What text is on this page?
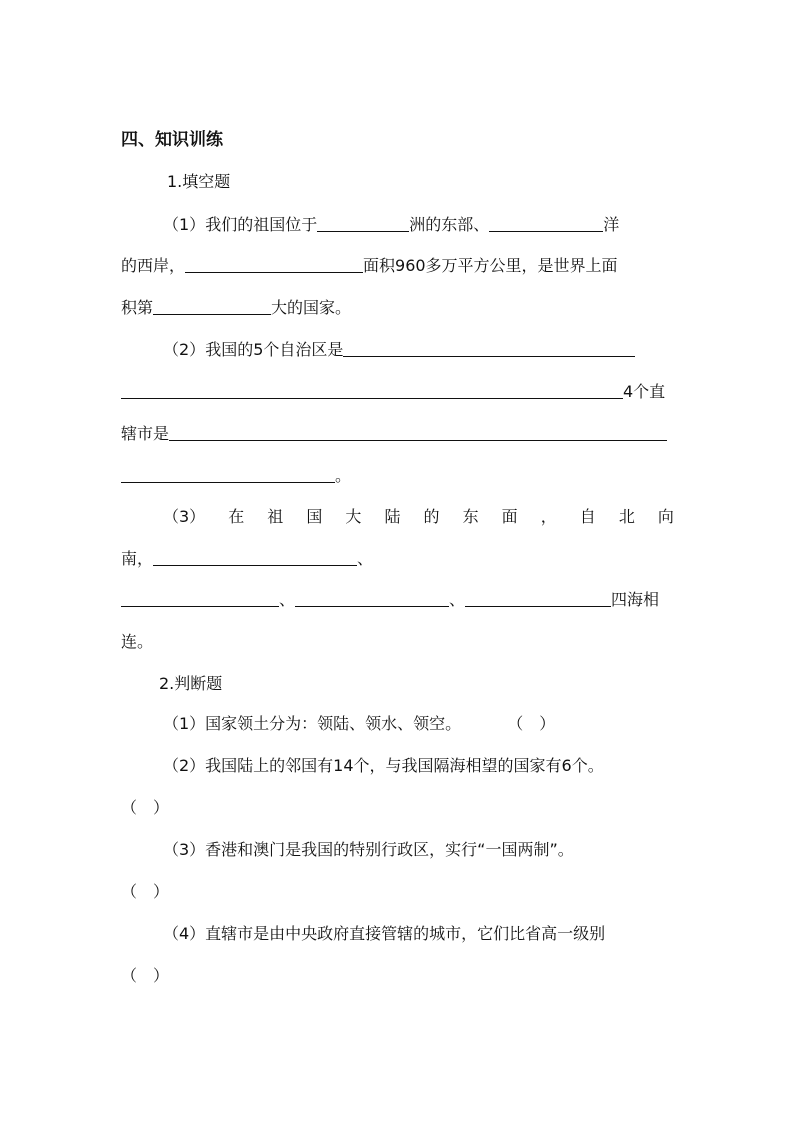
四、知识训练
1.填空题
（1）我们的祖国位于	洲的东部、	洋
的西岸，	面积960多万平方公里，是世界上面
积第	大的国家。
（2）我国的5个自治区是
4个直
辖市是
。
（3） 在 祖 国 大 陆 的 东 面 ， 自 北 向
南，	、
、	、	四海相
连。
2.判断题
（1）国家领土分为：领陆、领水、领空。	（　）
（2）我国陆上的邻国有14个，与我国隔海相望的国家有6个。
（　）
（3）香港和澳门是我国的特别行政区，实行“一国两制”。
（　）
（4）直辖市是由中央政府直接管辖的城市，它们比省高一级别
（　）
